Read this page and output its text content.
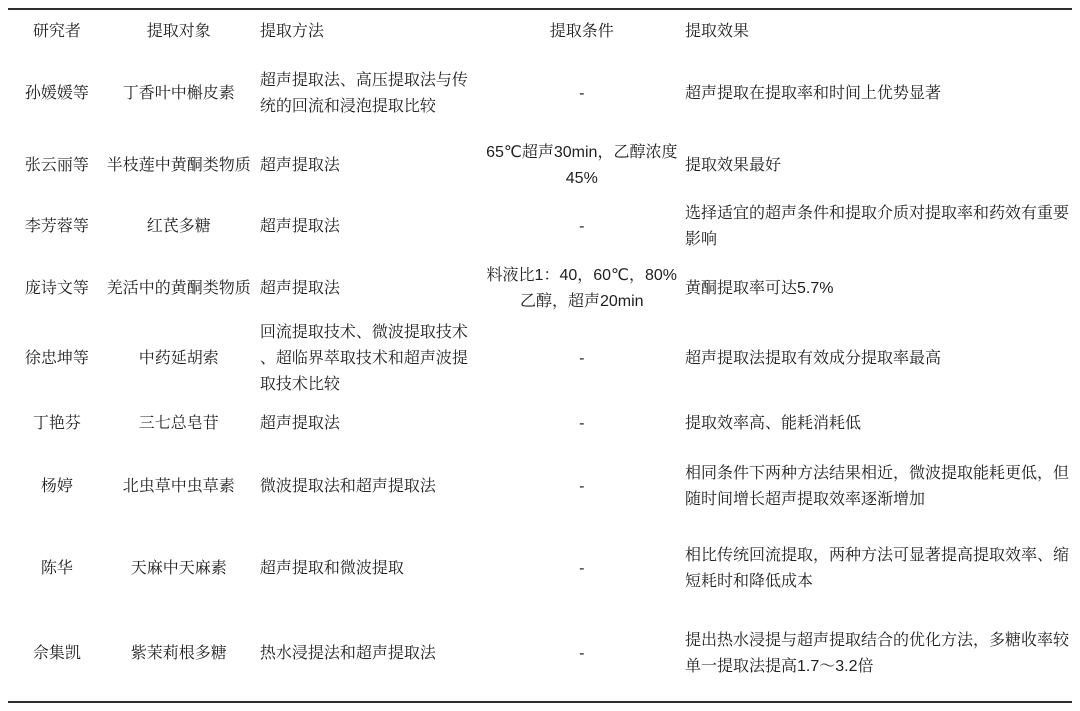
研究者	提取对象	提取方法	提取条件	提取效果
孙媛媛等	丁香叶中槲皮素	超声提取法、高压提取法与传统的回流和浸泡提取比较	-	超声提取在提取率和时间上优势显著
张云丽等	半枝莲中黄酮类物质	超声提取法	65℃超声30min，乙醇浓度45%	提取效果最好
李芳蓉等	红芪多糖	超声提取法	-	选择适宜的超声条件和提取介质对提取率和药效有重要影响
庞诗文等	羌活中的黄酮类物质	超声提取法	料液比1：40，60℃，80%乙醇，超声20min	黄酮提取率可达5.7%
徐忠坤等	中药延胡索	回流提取技术、微波提取技术、超临界萃取技术和超声波提取技术比较	-	超声提取法提取有效成分提取率最高
丁艳芬	三七总皂苷	超声提取法	-	提取效率高、能耗消耗低
杨婷	北虫草中虫草素	微波提取法和超声提取法	-	相同条件下两种方法结果相近，微波提取能耗更低，但随时间增长超声提取效率逐渐增加
陈华	天麻中天麻素	超声提取和微波提取	-	相比传统回流提取，两种方法可显著提高提取效率、缩短耗时和降低成本
佘集凯	紫茉莉根多糖	热水浸提法和超声提取法	-	提出热水浸提与超声提取结合的优化方法，多糖收率较单一提取法提高1.7～3.2倍
